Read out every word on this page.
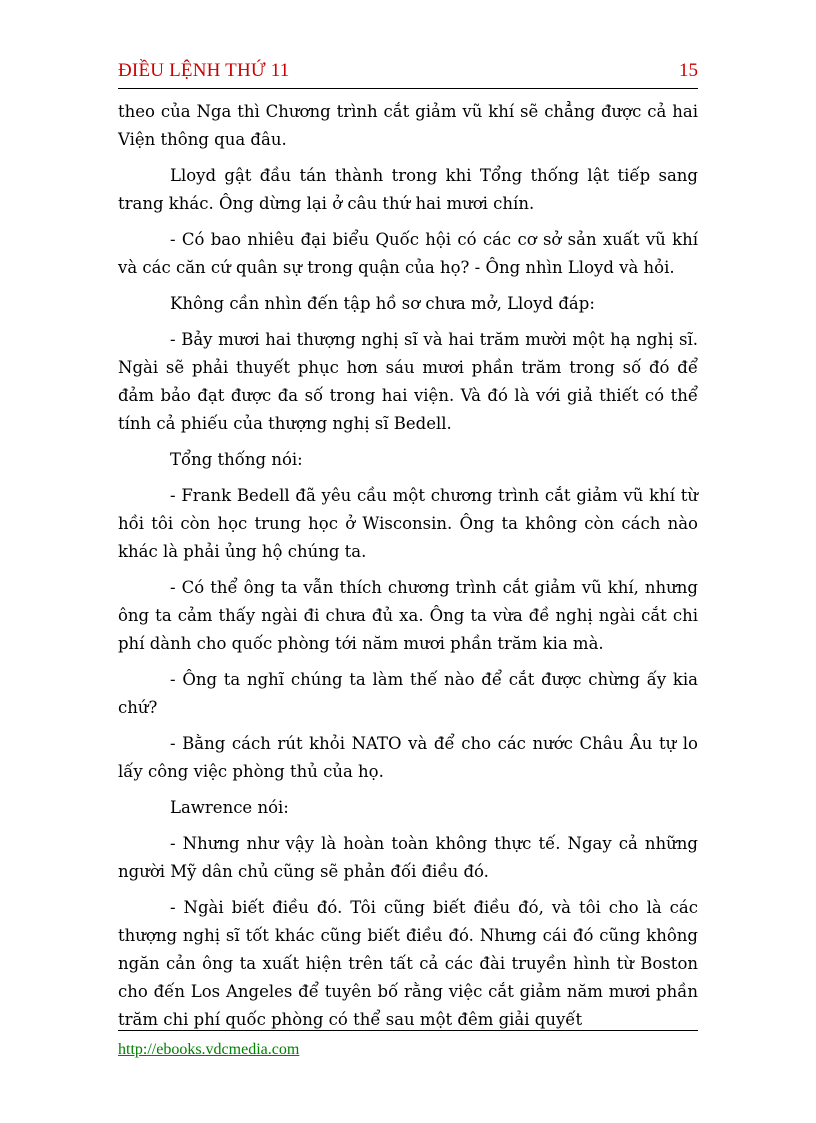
ĐIỀU LỆNH THỨ 11	15

theo của Nga thì Chương trình cắt giảm vũ khí sẽ chẳng được cả hai Viện thông qua đâu.

Lloyd gật đầu tán thành trong khi Tổng thống lật tiếp sang trang khác. Ông dừng lại ở câu thứ hai mươi chín.

- Có bao nhiêu đại biểu Quốc hội có các cơ sở sản xuất vũ khí và các căn cứ quân sự trong quận của họ? - Ông nhìn Lloyd và hỏi.

Không cần nhìn đến tập hồ sơ chưa mở, Lloyd đáp:

- Bảy mươi hai thượng nghị sĩ và hai trăm mười một hạ nghị sĩ. Ngài sẽ phải thuyết phục hơn sáu mươi phần trăm trong số đó để đảm bảo đạt được đa số trong hai viện. Và đó là với giả thiết có thể tính cả phiếu của thượng nghị sĩ Bedell.

Tổng thống nói:

- Frank Bedell đã yêu cầu một chương trình cắt giảm vũ khí từ hồi tôi còn học trung học ở Wisconsin. Ông ta không còn cách nào khác là phải ủng hộ chúng ta.

- Có thể ông ta vẫn thích chương trình cắt giảm vũ khí, nhưng ông ta cảm thấy ngài đi chưa đủ xa. Ông ta vừa đề nghị ngài cắt chi phí dành cho quốc phòng tới năm mươi phần trăm kia mà.

- Ông ta nghĩ chúng ta làm thế nào để cắt được chừng ấy kia chứ?

- Bằng cách rút khỏi NATO và để cho các nước Châu Âu tự lo lấy công việc phòng thủ của họ.

Lawrence nói:

- Nhưng như vậy là hoàn toàn không thực tế. Ngay cả những người Mỹ dân chủ cũng sẽ phản đối điều đó.

- Ngài biết điều đó. Tôi cũng biết điều đó, và tôi cho là các thượng nghị sĩ tốt khác cũng biết điều đó. Nhưng cái đó cũng không ngăn cản ông ta xuất hiện trên tất cả các đài truyền hình từ Boston cho đến Los Angeles để tuyên bố rằng việc cắt giảm năm mươi phần trăm chi phí quốc phòng có thể sau một đêm giải quyết

http://ebooks.vdcmedia.com
